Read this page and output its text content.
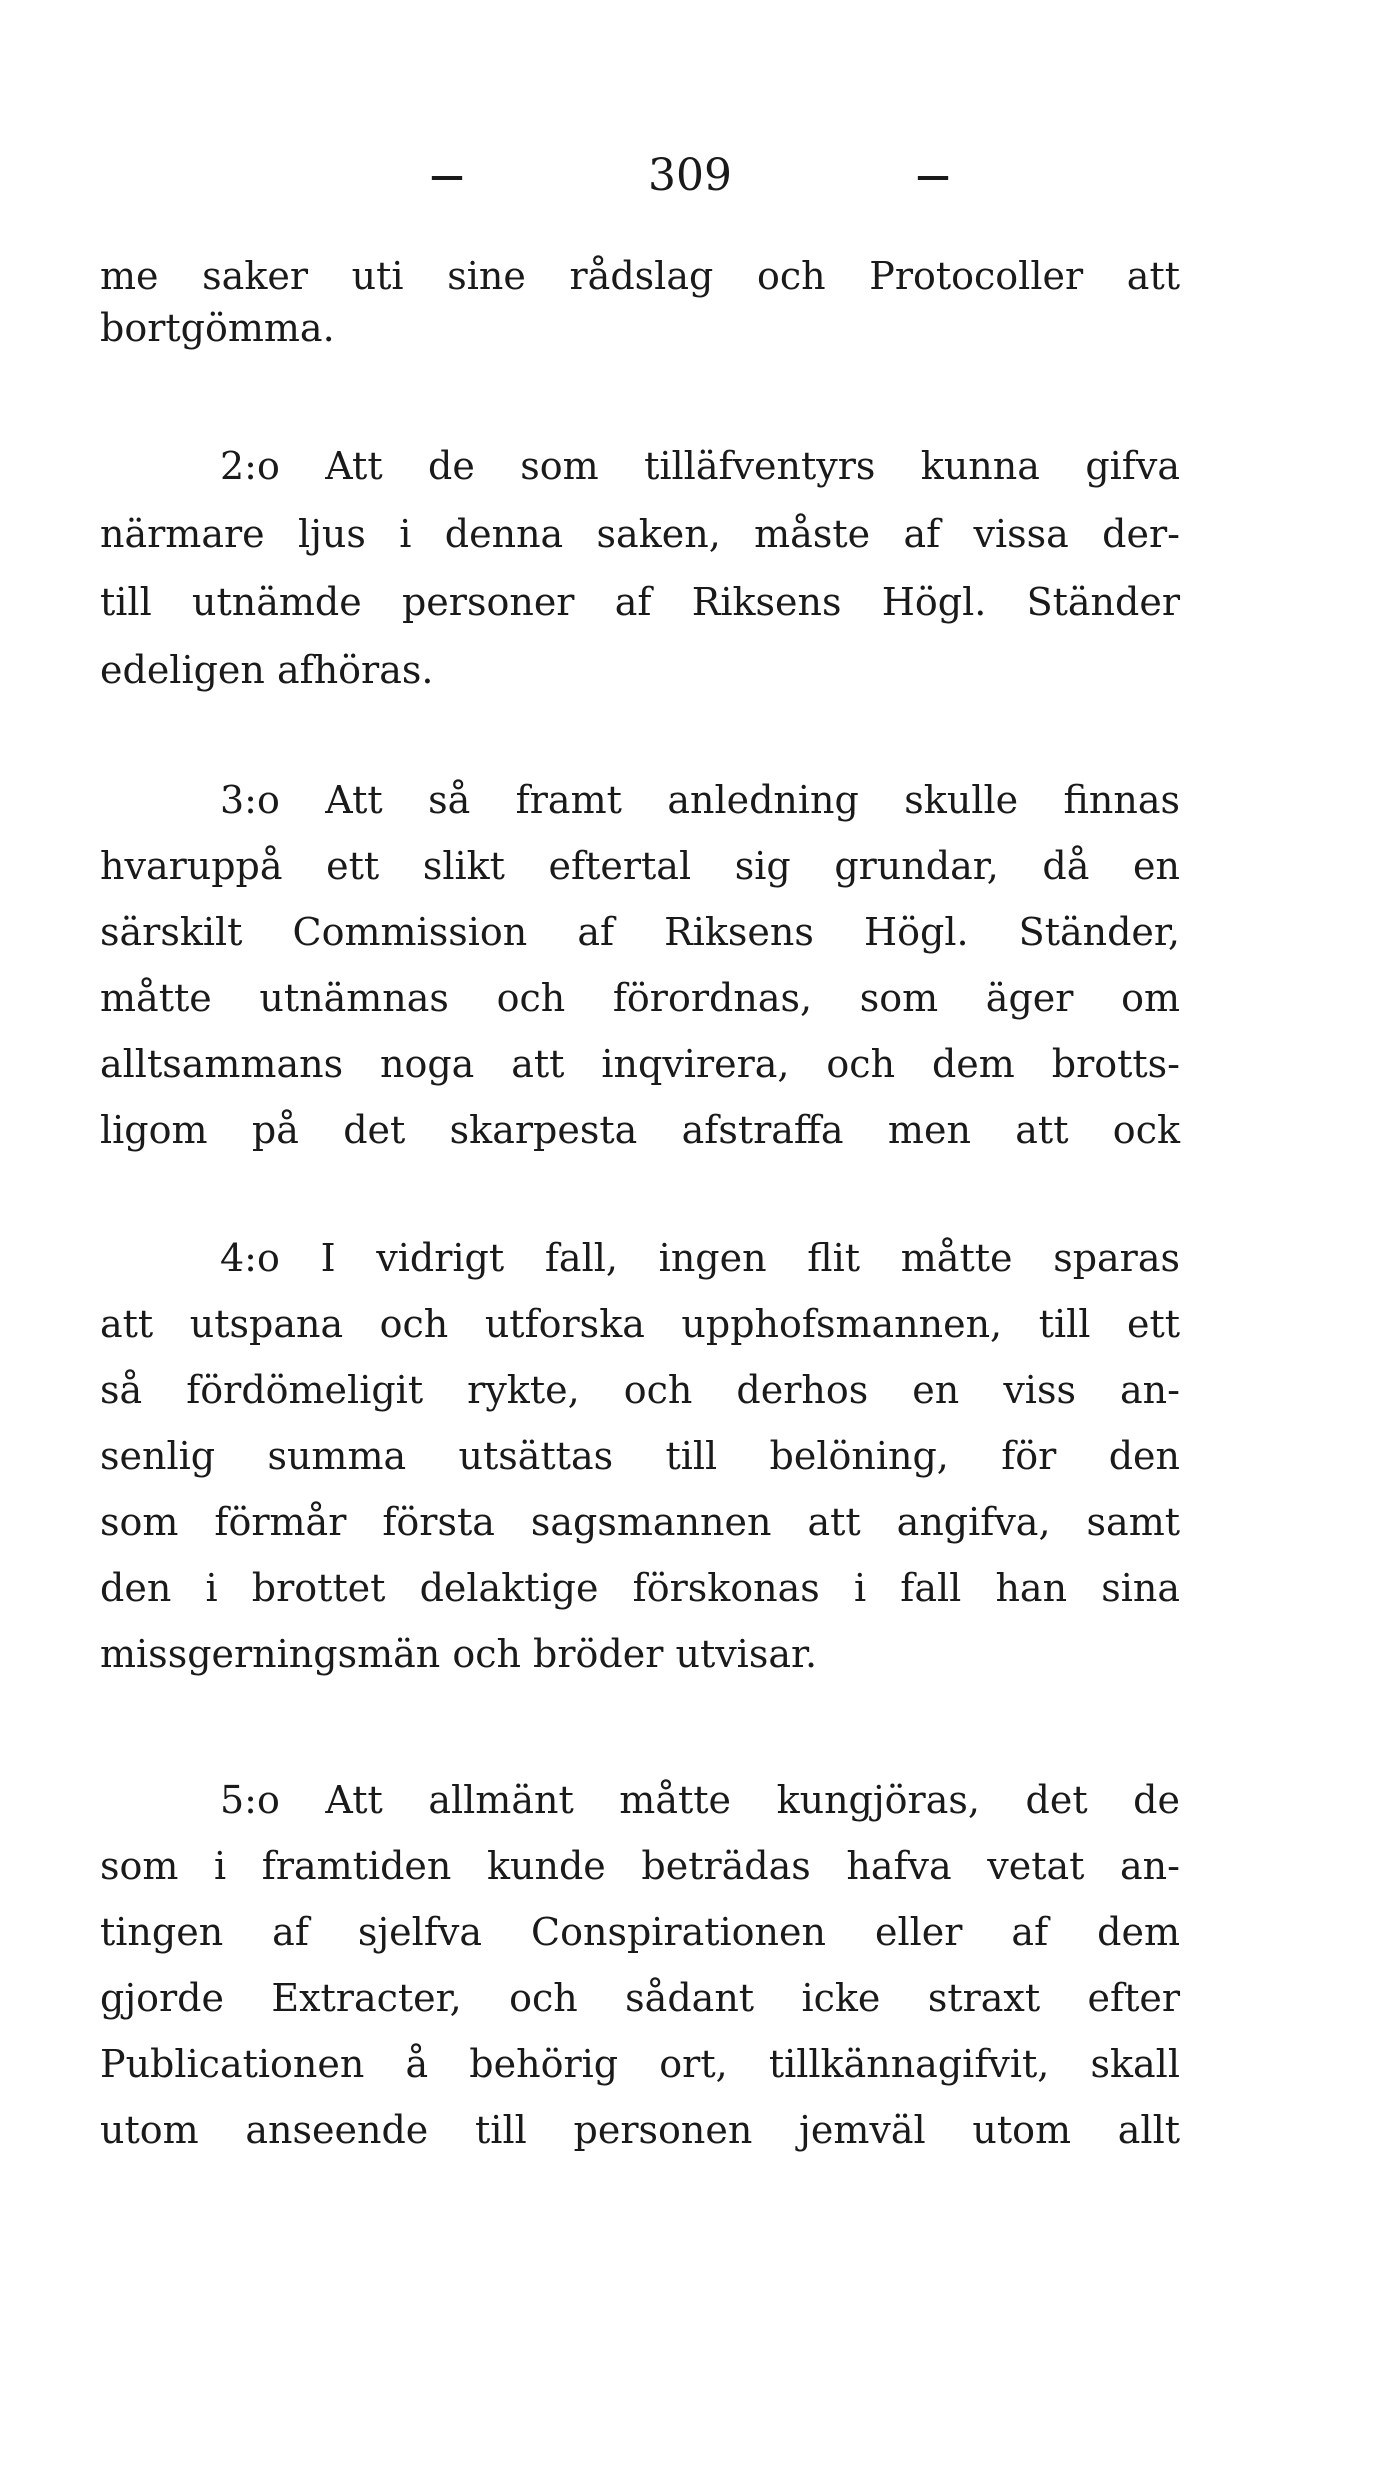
—	309	—
me saker uti sine rådslag och Protocoller att
bortgömma.
2:o Att de som tilläfventyrs kunna gifva
närmare ljus i denna saken, måste af vissa der-
till utnämde personer af Riksens Högl. Ständer
edeligen afhöras.
3:o Att så framt anledning skulle finnas
hvaruppå ett slikt eftertal sig grundar, då en
särskilt Commission af Riksens Högl. Ständer,
måtte utnämnas och förordnas, som äger om
alltsammans noga att inqvirera, och dem brotts-
ligom på det skarpesta afstraffa men att ock
4:o I vidrigt fall, ingen flit måtte sparas
att utspana och utforska upphofsmannen, till ett
så fördömeligit rykte, och derhos en viss an-
senlig summa utsättas till belöning, för den
som förmår första sagsmannen att angifva, samt
den i brottet delaktige förskonas i fall han sina
missgerningsmän och bröder utvisar.
5:o Att allmänt måtte kungjöras, det de
som i framtiden kunde beträdas hafva vetat an-
tingen af sjelfva Conspirationen eller af dem
gjorde Extracter, och sådant icke straxt efter
Publicationen å behörig ort, tillkännagifvit, skall
utom anseende till personen jemväl utom allt
